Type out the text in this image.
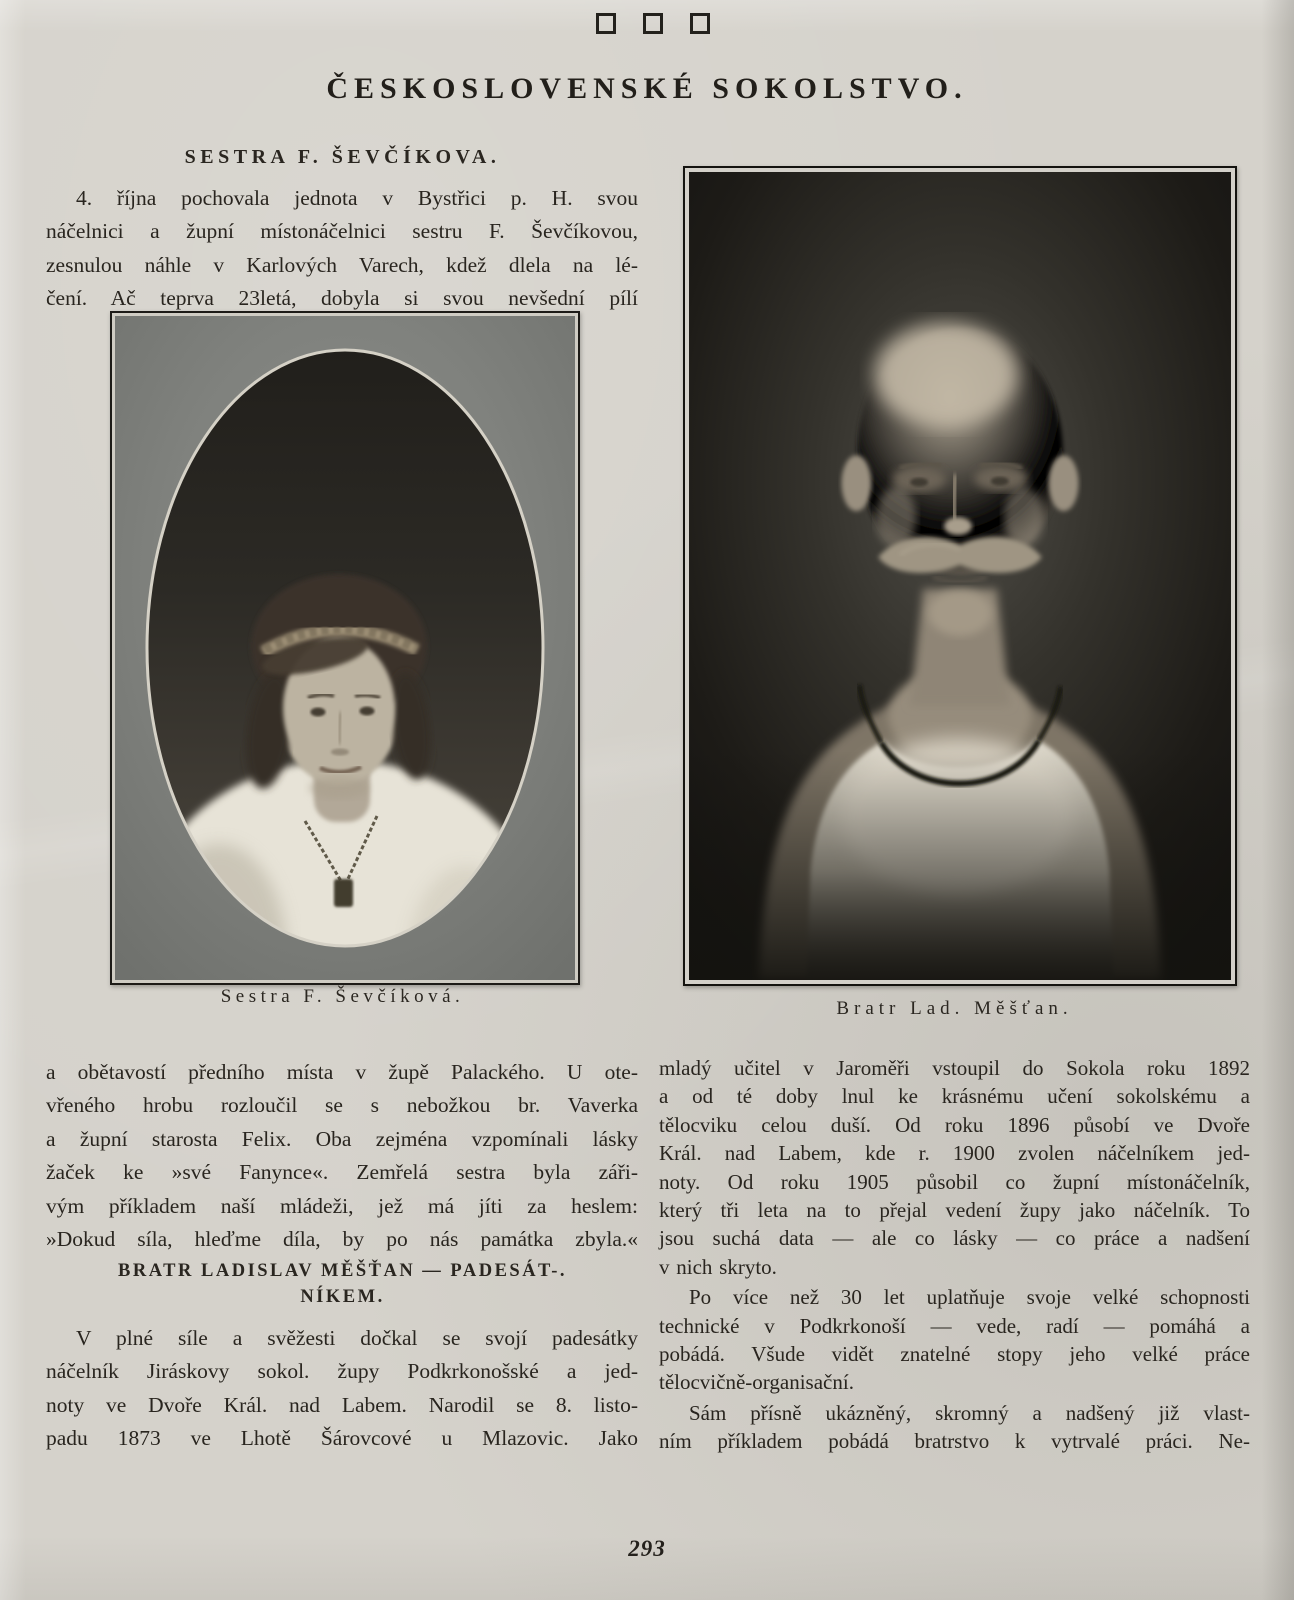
ČESKOSLOVENSKÉ SOKOLSTVO.
SESTRA F. ŠEVČÍKOVA.
4. října pochovala jednota v Bystřici p. H. svou
náčelnici a župní místonáčelnici sestru F. Ševčíkovou,
zesnulou náhle v Karlových Varech, kdež dlela na lé-
čení. Ač teprva 23letá, dobyla si svou nevšední pílí
Sestra F. Ševčíková.
Bratr Lad. Měšťan.
a obětavostí předního místa v župě Palackého. U ote-
vřeného hrobu rozloučil se s nebožkou br. Vaverka
a župní starosta Felix. Oba zejména vzpomínali lásky
žaček ke »své Fanynce«. Zemřelá sestra byla záři-
vým příkladem naší mládeži, jež má jíti za heslem:
»Dokud síla, hleďme díla, by po nás památka zbyla.«
BRATR LADISLAV MĚŠŤAN — PADESÁT-.
NÍKEM.
V plné síle a svěžesti dočkal se svojí padesátky
náčelník Jiráskovy sokol. župy Podkrkonošské a jed-
noty ve Dvoře Král. nad Labem. Narodil se 8. listo-
padu 1873 ve Lhotě Šárovcové u Mlazovic. Jako
mladý učitel v Jaroměři vstoupil do Sokola roku 1892
a od té doby lnul ke krásnému učení sokolskému a
tělocviku celou duší. Od roku 1896 působí ve Dvoře
Král. nad Labem, kde r. 1900 zvolen náčelníkem jed-
noty. Od roku 1905 působil co župní místonáčelník,
který tři leta na to přejal vedení župy jako náčelník. To
jsou suchá data — ale co lásky — co práce a nadšení
v nich skryto.
Po více než 30 let uplatňuje svoje velké schopnosti
technické v Podkrkonoší — vede, radí — pomáhá a
pobádá. Všude vidět znatelné stopy jeho velké práce
tělocvičně-organisační.
Sám přísně ukázněný, skromný a nadšený již vlast-
ním příkladem pobádá bratrstvo k vytrvalé práci. Ne-
293
